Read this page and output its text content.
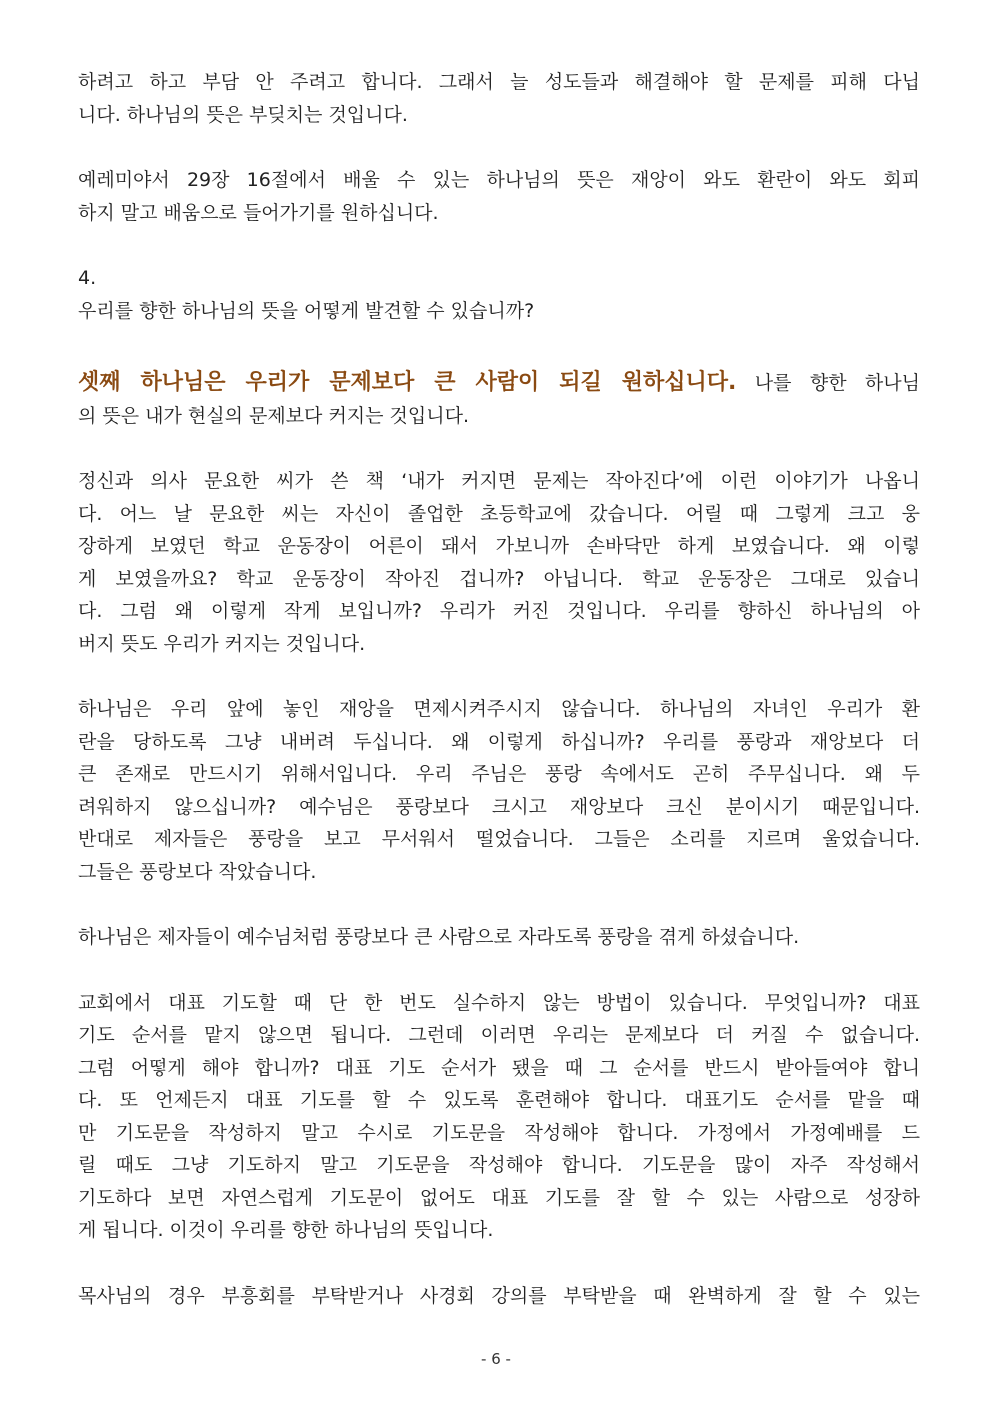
하려고 하고 부담 안 주려고 합니다. 그래서 늘 성도들과 해결해야 할 문제를 피해 다닙
니다. 하나님의 뜻은 부딪치는 것입니다.

예레미야서 29장 16절에서 배울 수 있는 하나님의 뜻은 재앙이 와도 환란이 와도 회피
하지 말고 배움으로 들어가기를 원하십니다.

4.
우리를 향한 하나님의 뜻을 어떻게 발견할 수 있습니까?

셋째 하나님은 우리가 문제보다 큰 사람이 되길 원하십니다. 나를 향한 하나님
의 뜻은 내가 현실의 문제보다 커지는 것입니다.

정신과 의사 문요한 씨가 쓴 책 ‘내가 커지면 문제는 작아진다’에 이런 이야기가 나옵니
다. 어느 날 문요한 씨는 자신이 졸업한 초등학교에 갔습니다. 어릴 때 그렇게 크고 웅
장하게 보였던 학교 운동장이 어른이 돼서 가보니까 손바닥만 하게 보였습니다. 왜 이렇
게 보였을까요? 학교 운동장이 작아진 겁니까? 아닙니다. 학교 운동장은 그대로 있습니
다. 그럼 왜 이렇게 작게 보입니까? 우리가 커진 것입니다. 우리를 향하신 하나님의 아
버지 뜻도 우리가 커지는 것입니다.

하나님은 우리 앞에 놓인 재앙을 면제시켜주시지 않습니다. 하나님의 자녀인 우리가 환
란을 당하도록 그냥 내버려 두십니다. 왜 이렇게 하십니까? 우리를 풍랑과 재앙보다 더
큰 존재로 만드시기 위해서입니다. 우리 주님은 풍랑 속에서도 곤히 주무십니다. 왜 두
려워하지 않으십니까? 예수님은 풍랑보다 크시고 재앙보다 크신 분이시기 때문입니다.
반대로 제자들은 풍랑을 보고 무서워서 떨었습니다. 그들은 소리를 지르며 울었습니다.
그들은 풍랑보다 작았습니다.

하나님은 제자들이 예수님처럼 풍랑보다 큰 사람으로 자라도록 풍랑을 겪게 하셨습니다.

교회에서 대표 기도할 때 단 한 번도 실수하지 않는 방법이 있습니다. 무엇입니까? 대표
기도 순서를 맡지 않으면 됩니다. 그런데 이러면 우리는 문제보다 더 커질 수 없습니다.
그럼 어떻게 해야 합니까? 대표 기도 순서가 됐을 때 그 순서를 반드시 받아들여야 합니
다. 또 언제든지 대표 기도를 할 수 있도록 훈련해야 합니다. 대표기도 순서를 맡을 때
만 기도문을 작성하지 말고 수시로 기도문을 작성해야 합니다. 가정에서 가정예배를 드
릴 때도 그냥 기도하지 말고 기도문을 작성해야 합니다. 기도문을 많이 자주 작성해서
기도하다 보면 자연스럽게 기도문이 없어도 대표 기도를 잘 할 수 있는 사람으로 성장하
게 됩니다. 이것이 우리를 향한 하나님의 뜻입니다.

목사님의 경우 부흥회를 부탁받거나 사경회 강의를 부탁받을 때 완벽하게 잘 할 수 있는

- 6 -
